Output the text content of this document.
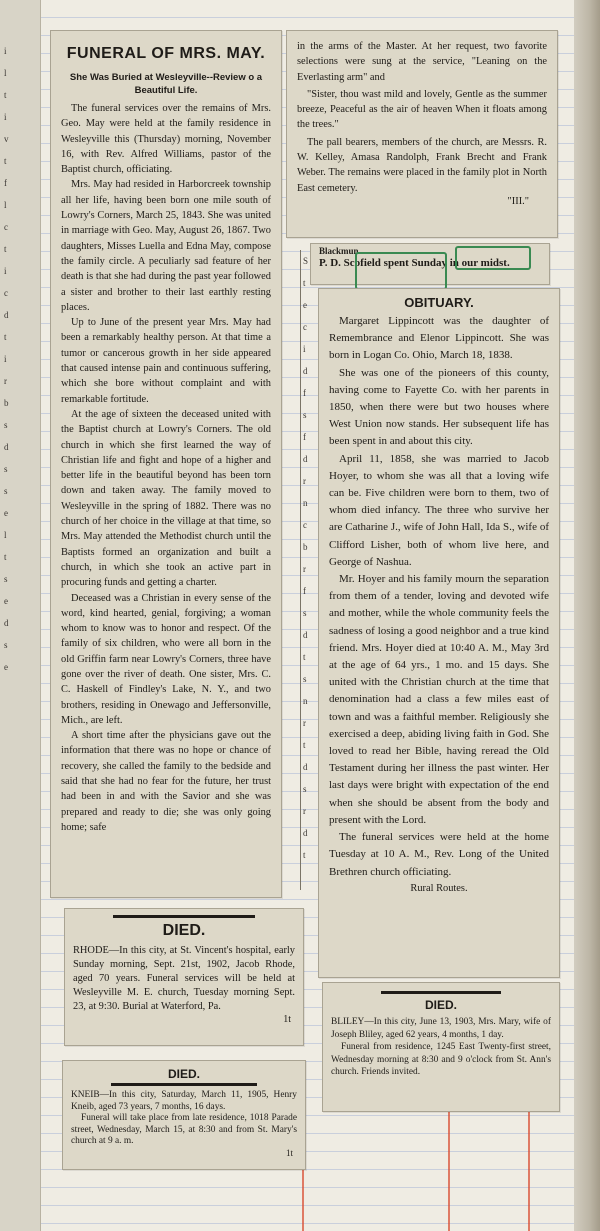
i
l
t
i
v
t
f
l
c
t
i
c
d
t
i
r
b
s
d
s
s
e
l
t
s
e
d
s
e
FUNERAL OF MRS. MAY.
She Was Buried at Wesleyville--Review o a Beautiful Life.

The funeral services over the remains of Mrs. Geo. May were held at the family residence in Wesleyville this (Thursday) morning, November 16, with Rev. Alfred Williams, pastor of the Baptist church, officiating.

Mrs. May had resided in Harborcreek township all her life, having been born one mile south of Lowry's Corners, March 25, 1843. She was united in marriage with Geo. May, August 26, 1867. Two daughters, Misses Luella and Edna May, compose the family circle. A peculiarly sad feature of her death is that she had during the past year followed a sister and brother to their last earthly resting places.

Up to June of the present year Mrs. May had been a remarkably healthy person. At that time a tumor or cancerous growth in her side appeared that caused intense pain and continuous suffering, which she bore without complaint and with remarkable fortitude.

At the age of sixteen the deceased united with the Baptist church at Lowry's Corners. The old church in which she first learned the way of Christian life and fight and hope of a higher and better life in the beautiful beyond has been torn down and taken away. The family moved to Wesleyville in the spring of 1882. There was no church of her choice in the village at that time, so Mrs. May attended the Methodist church until the Baptists formed an organization and built a church, in which she took an active part in procuring funds and getting a charter.

Deceased was a Christian in every sense of the word, kind hearted, genial, forgiving; a woman whom to know was to honor and respect. Of the family of six children, who were all born in the old Griffin farm near Lowry's Corners, three have gone over the river of death. One sister, Mrs. C. C. Haskell of Findley's Lake, N. Y., and two brothers, residing in Onewago and Jeffersonville, Mich., are left.

A short time after the physicians gave out the information that there was no hope or chance of recovery, she called the family to the bedside and said that she had no fear for the future, her trust had been in and with the Savior and she was prepared and ready to die; she was only going home; safe

in the arms of the Master. At her request, two favorite selections were sung at the service, "Leaning on the Everlasting arm" and

"Sister, thou wast mild and lovely, Gentle as the summer breeze, Peaceful as the air of heaven When it floats among the trees."

The pall bearers, members of the church, are Messrs. R. W. Kelley, Amasa Randolph, Frank Brecht and Frank Weber. The remains were placed in the family plot in North East cemetery.

"III."
S
t
e
c
i
d
f
s
f
d
r
n
c
b
r
f
s
d
t
s
n
r
t
d
s
r
d
t
Blackmun.
P. D. Scofield spent Sunday in our midst.
OBITUARY.

Margaret Lippincott was the daughter of Remembrance and Elenor Lippincott. She was born in Logan Co. Ohio, March 18, 1838.

She was one of the pioneers of this county, having come to Fayette Co. with her parents in 1850, when there were but two houses where West Union now stands. Her subsequent life has been spent in and about this city.

April 11, 1858, she was married to Jacob Hoyer, to whom she was all that a loving wife can be. Five children were born to them, two of whom died infancy. The three who survive her are Catharine J., wife of John Hall, Ida S., wife of Clifford Lisher, both of whom live here, and George of Nashua.

Mr. Hoyer and his family mourn the separation from them of a tender, loving and devoted wife and mother, while the whole community feels the sadness of losing a good neighbor and a true kind friend. Mrs. Hoyer died at 10:40 A. M., May 3rd at the age of 64 yrs., 1 mo. and 15 days. She united with the Christian church at the time that denomination had a class a few miles east of town and was a faithful member. Religiously she exercised a deep, abiding living faith in God. She loved to read her Bible, having reread the Old Testament during her illness the past winter. Her last days were bright with expectation of the end when she should be absent from the body and present with the Lord.

The funeral services were held at the home Tuesday at 10 A. M., Rev. Long of the United Brethren church officiating.

Rural Routes.
DIED.

RHODE—In this city, at St. Vincent's hospital, early Sunday morning, Sept. 21st, 1902, Jacob Rhode, aged 70 years. Funeral services will be held at Wesleyville M. E. church, Tuesday morning Sept. 23, at 9:30. Burial at Waterford, Pa.

1t
DIED.

BLILEY—In this city, June 13, 1903, Mrs. Mary, wife of Joseph Bliley, aged 62 years, 4 months, 1 day.

Funeral from residence, 1245 East Twenty-first street, Wednesday morning at 8:30 and 9 o'clock from St. Ann's church. Friends invited.

DIED.

KNEIB—In this city, Saturday, March 11, 1905, Henry Kneib, aged 73 years, 7 months, 16 days.

Funeral will take place from late residence, 1018 Parade street, Wednesday, March 15, at 8:30 and from St. Mary's church at 9 a. m.

1t
